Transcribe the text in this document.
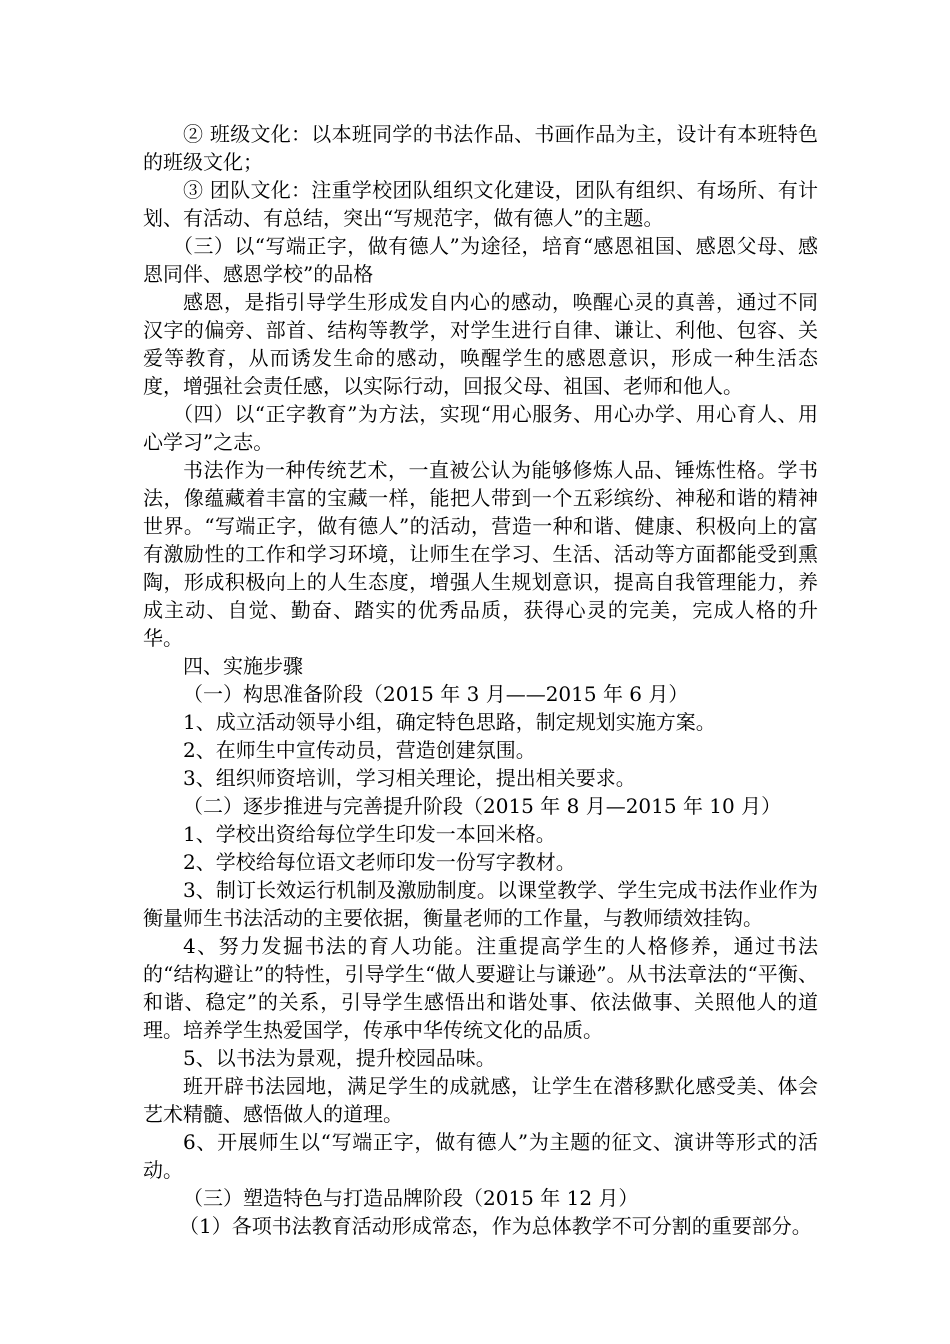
② 班级文化：以本班同学的书法作品、书画作品为主，设计有本班特色的班级文化；

③ 团队文化：注重学校团队组织文化建设，团队有组织、有场所、有计划、有活动、有总结，突出“写规范字，做有德人”的主题。

（三）以“写端正字，做有德人”为途径，培育“感恩祖国、感恩父母、感恩同伴、感恩学校”的品格

感恩，是指引导学生形成发自内心的感动，唤醒心灵的真善，通过不同汉字的偏旁、部首、结构等教学，对学生进行自律、谦让、利他、包容、关爱等教育，从而诱发生命的感动，唤醒学生的感恩意识，形成一种生活态度，增强社会责任感，以实际行动，回报父母、祖国、老师和他人。

（四）以“正字教育”为方法，实现“用心服务、用心办学、用心育人、用心学习”之志。

书法作为一种传统艺术，一直被公认为能够修炼人品、锤炼性格。学书法，像蕴藏着丰富的宝藏一样，能把人带到一个五彩缤纷、神秘和谐的精神世界。“写端正字，做有德人”的活动，营造一种和谐、健康、积极向上的富有激励性的工作和学习环境，让师生在学习、生活、活动等方面都能受到熏陶，形成积极向上的人生态度，增强人生规划意识，提高自我管理能力，养成主动、自觉、勤奋、踏实的优秀品质，获得心灵的完美，完成人格的升华。

四、实施步骤

（一）构思准备阶段（2015 年 3 月——2015 年 6 月）

1、成立活动领导小组，确定特色思路，制定规划实施方案。

2、在师生中宣传动员，营造创建氛围。

3、组织师资培训，学习相关理论，提出相关要求。

（二）逐步推进与完善提升阶段（2015 年 8 月—2015 年 10 月）

1、学校出资给每位学生印发一本回米格。

2、学校给每位语文老师印发一份写字教材。

3、制订长效运行机制及激励制度。以课堂教学、学生完成书法作业作为衡量师生书法活动的主要依据，衡量老师的工作量，与教师绩效挂钩。

4、努力发掘书法的育人功能。注重提高学生的人格修养，通过书法的“结构避让”的特性，引导学生“做人要避让与谦逊”。从书法章法的“平衡、和谐、稳定”的关系，引导学生感悟出和谐处事、依法做事、关照他人的道理。培养学生热爱国学，传承中华传统文化的品质。

5、以书法为景观，提升校园品味。

班开辟书法园地，满足学生的成就感，让学生在潜移默化感受美、体会艺术精髓、感悟做人的道理。

6、开展师生以“写端正字，做有德人”为主题的征文、演讲等形式的活动。

（三）塑造特色与打造品牌阶段（2015 年 12 月）

（1）各项书法教育活动形成常态，作为总体教学不可分割的重要部分。
